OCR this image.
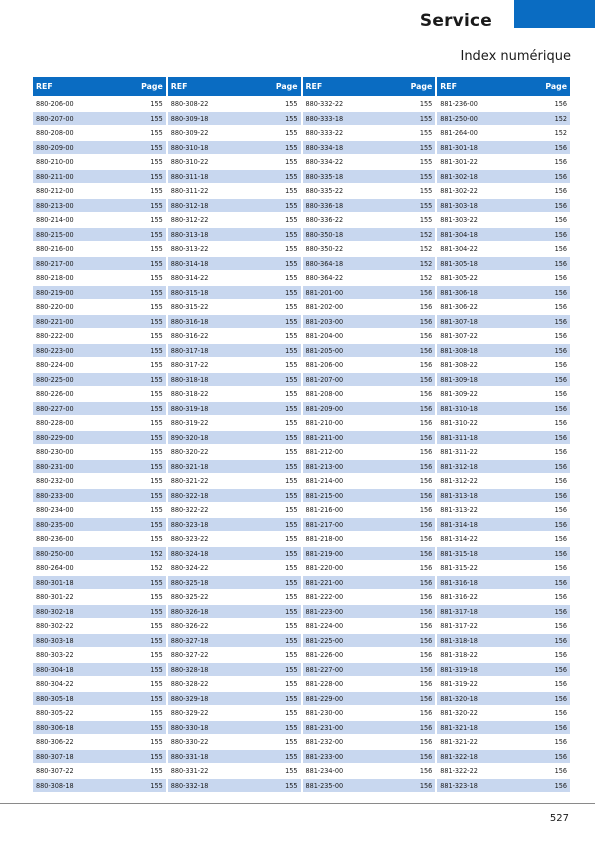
Service
Index numérique
REF	Page
880-206-00	155
880-207-00	155
880-208-00	155
880-209-00	155
880-210-00	155
880-211-00	155
880-212-00	155
880-213-00	155
880-214-00	155
880-215-00	155
880-216-00	155
880-217-00	155
880-218-00	155
880-219-00	155
880-220-00	155
880-221-00	155
880-222-00	155
880-223-00	155
880-224-00	155
880-225-00	155
880-226-00	155
880-227-00	155
880-228-00	155
880-229-00	155
880-230-00	155
880-231-00	155
880-232-00	155
880-233-00	155
880-234-00	155
880-235-00	155
880-236-00	155
880-250-00	152
880-264-00	152
880-301-18	155
880-301-22	155
880-302-18	155
880-302-22	155
880-303-18	155
880-303-22	155
880-304-18	155
880-304-22	155
880-305-18	155
880-305-22	155
880-306-18	155
880-306-22	155
880-307-18	155
880-307-22	155
880-308-18	155
REF	Page
880-308-22	155
880-309-18	155
880-309-22	155
880-310-18	155
880-310-22	155
880-311-18	155
880-311-22	155
880-312-18	155
880-312-22	155
880-313-18	155
880-313-22	155
880-314-18	155
880-314-22	155
880-315-18	155
880-315-22	155
880-316-18	155
880-316-22	155
880-317-18	155
880-317-22	155
880-318-18	155
880-318-22	155
880-319-18	155
880-319-22	155
890-320-18	155
880-320-22	155
880-321-18	155
880-321-22	155
880-322-18	155
880-322-22	155
880-323-18	155
880-323-22	155
880-324-18	155
880-324-22	155
880-325-18	155
880-325-22	155
880-326-18	155
880-326-22	155
880-327-18	155
880-327-22	155
880-328-18	155
880-328-22	155
880-329-18	155
880-329-22	155
880-330-18	155
880-330-22	155
880-331-18	155
880-331-22	155
880-332-18	155
REF	Page
880-332-22	155
880-333-18	155
880-333-22	155
880-334-18	155
880-334-22	155
880-335-18	155
880-335-22	155
880-336-18	155
880-336-22	155
880-350-18	152
880-350-22	152
880-364-18	152
880-364-22	152
881-201-00	156
881-202-00	156
881-203-00	156
881-204-00	156
881-205-00	156
881-206-00	156
881-207-00	156
881-208-00	156
881-209-00	156
881-210-00	156
881-211-00	156
881-212-00	156
881-213-00	156
881-214-00	156
881-215-00	156
881-216-00	156
881-217-00	156
881-218-00	156
881-219-00	156
881-220-00	156
881-221-00	156
881-222-00	156
881-223-00	156
881-224-00	156
881-225-00	156
881-226-00	156
881-227-00	156
881-228-00	156
881-229-00	156
881-230-00	156
881-231-00	156
881-232-00	156
881-233-00	156
881-234-00	156
881-235-00	156
REF	Page
881-236-00	156
881-250-00	152
881-264-00	152
881-301-18	156
881-301-22	156
881-302-18	156
881-302-22	156
881-303-18	156
881-303-22	156
881-304-18	156
881-304-22	156
881-305-18	156
881-305-22	156
881-306-18	156
881-306-22	156
881-307-18	156
881-307-22	156
881-308-18	156
881-308-22	156
881-309-18	156
881-309-22	156
881-310-18	156
881-310-22	156
881-311-18	156
881-311-22	156
881-312-18	156
881-312-22	156
881-313-18	156
881-313-22	156
881-314-18	156
881-314-22	156
881-315-18	156
881-315-22	156
881-316-18	156
881-316-22	156
881-317-18	156
881-317-22	156
881-318-18	156
881-318-22	156
881-319-18	156
881-319-22	156
881-320-18	156
881-320-22	156
881-321-18	156
881-321-22	156
881-322-18	156
881-322-22	156
881-323-18	156
527
